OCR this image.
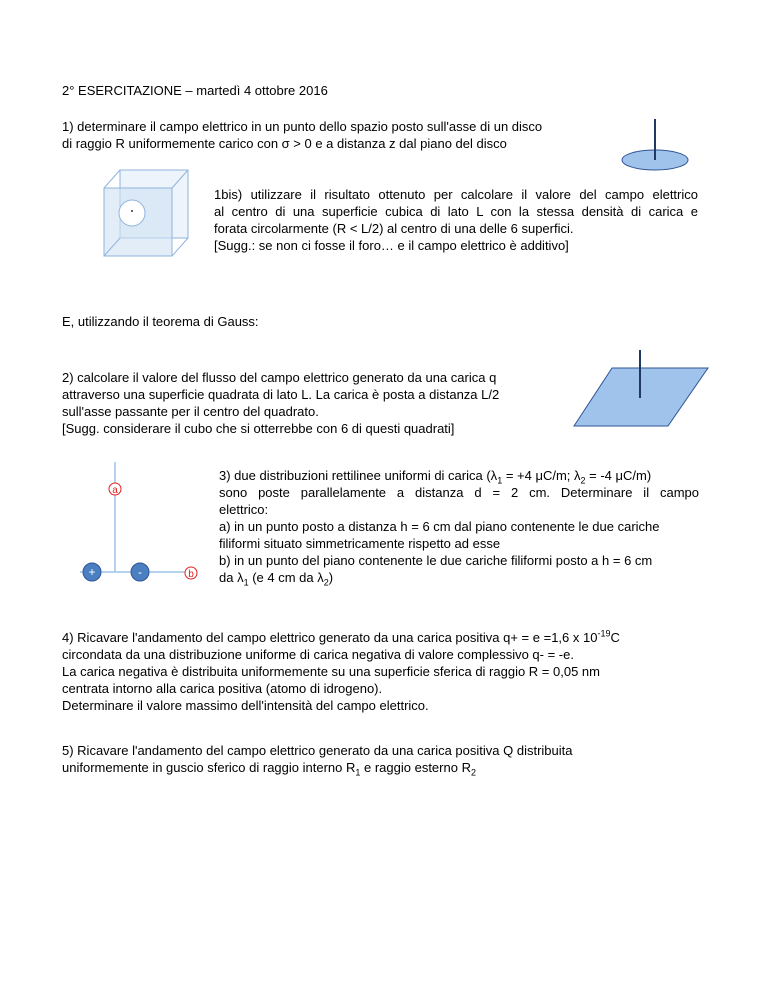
2° ESERCITAZIONE – martedì 4 ottobre 2016
1) determinare il campo elettrico in un punto dello spazio posto sull'asse di un disco
di raggio R uniformemente carico con σ > 0 e a distanza z dal piano del disco
1bis) utilizzare il risultato ottenuto per calcolare il valore del campo elettrico
al centro di una superficie cubica di lato L con la stessa densità di carica e
forata circolarmente (R < L/2) al centro di una delle 6 superfici.
[Sugg.: se non ci fosse il foro… e il campo elettrico è additivo]
E, utilizzando il teorema di Gauss:
2) calcolare il valore del flusso del campo elettrico generato da una carica q
attraverso una superficie quadrata di lato L. La carica è posta a distanza L/2
sull'asse passante per il centro del quadrato.
[Sugg. considerare il cubo che si otterrebbe con 6 di questi quadrati]
a
+	-	b
3) due distribuzioni rettilinee uniformi di carica ($\lambda_1 = +4$ μC/m; $\lambda_2 = -4$ μC/m)
sono poste parallelamente a distanza d = 2 cm. Determinare il campo
elettrico:
a) in un punto posto a distanza h = 6 cm dal piano contenente le due cariche
filiformi situato simmetricamente rispetto ad esse
b) in un punto del piano contenente le due cariche filiformi posto a h = 6 cm
da $\lambda_1$ (e 4 cm da $\lambda_2$)
4) Ricavare l'andamento del campo elettrico generato da una carica positiva q+ = e =1,6 x $10^{-19}C$
circondata da una distribuzione uniforme di carica negativa di valore complessivo q- = -e.
La carica negativa è distribuita uniformemente su una superficie sferica di raggio R = 0,05 nm
centrata intorno alla carica positiva (atomo di idrogeno).
Determinare il valore massimo dell'intensità del campo elettrico.
5) Ricavare l'andamento del campo elettrico generato da una carica positiva Q distribuita
uniformemente in guscio sferico di raggio interno $R_1$ e raggio esterno $R_2$
